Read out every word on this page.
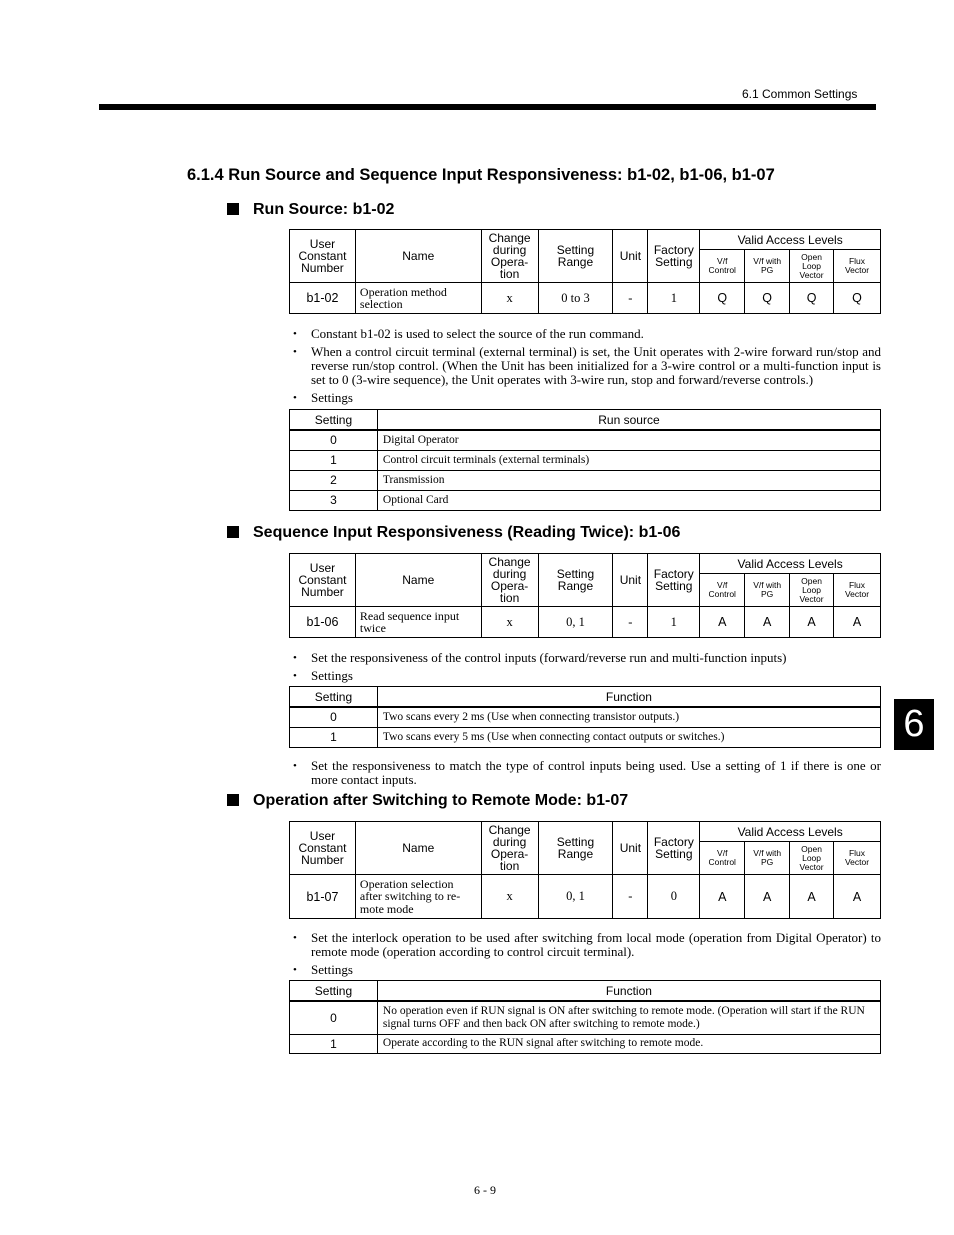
6.1 Common Settings
6.1.4 Run Source and Sequence Input Responsiveness: b1-02, b1-06, b1-07
Run Source: b1-02
User
Constant
Number	Name	Change
during
Opera-
tion	Setting
Range	Unit	Factory
Setting	Valid Access Levels			
						V/f
Control	V/f with
PG	Open
Loop
Vector	Flux
Vector
b1-02	Operation method
selection	x	0 to 3	-	1	Q	Q	Q	Q
• Constant b1-02 is used to select the source of the run command.
• When a control circuit terminal (external terminal) is set, the Unit operates with 2-wire forward run/stop and reverse run/stop control. (When the Unit has been initialized for a 3-wire control or a multi-function input is set to 0 (3-wire sequence), the Unit operates with 3-wire run, stop and forward/reverse controls.)
• Settings
Setting	Run source
0	Digital Operator
1	Control circuit terminals (external terminals)
2	Transmission
3	Optional Card
Sequence Input Responsiveness (Reading Twice): b1-06
User
Constant
Number	Name	Change
during
Opera-
tion	Setting
Range	Unit	Factory
Setting	Valid Access Levels			
						V/f
Control	V/f with
PG	Open
Loop
Vector	Flux
Vector
b1-06	Read sequence input
twice	x	0, 1	-	1	A	A	A	A
• Set the responsiveness of the control inputs (forward/reverse run and multi-function inputs)
• Settings
Setting	Function
0	Two scans every 2 ms (Use when connecting transistor outputs.)
1	Two scans every 5 ms (Use when connecting contact outputs or switches.)
• Set the responsiveness to match the type of control inputs being used. Use a setting of 1 if there is one or more contact inputs.
Operation after Switching to Remote Mode: b1-07
User
Constant
Number	Name	Change
during
Opera-
tion	Setting
Range	Unit	Factory
Setting	Valid Access Levels			
						V/f
Control	V/f with
PG	Open
Loop
Vector	Flux
Vector
b1-07	Operation selection
after switching to re-
mote mode	x	0, 1	-	0	A	A	A	A
• Set the interlock operation to be used after switching from local mode (operation from Digital Operator) to remote mode (operation according to control circuit terminal).
• Settings
Setting	Function
0	No operation even if RUN signal is ON after switching to remote mode. (Operation will start if the RUN signal turns OFF and then back ON after switching to remote mode.)
1	Operate according to the RUN signal after switching to remote mode.
6
6 - 9
